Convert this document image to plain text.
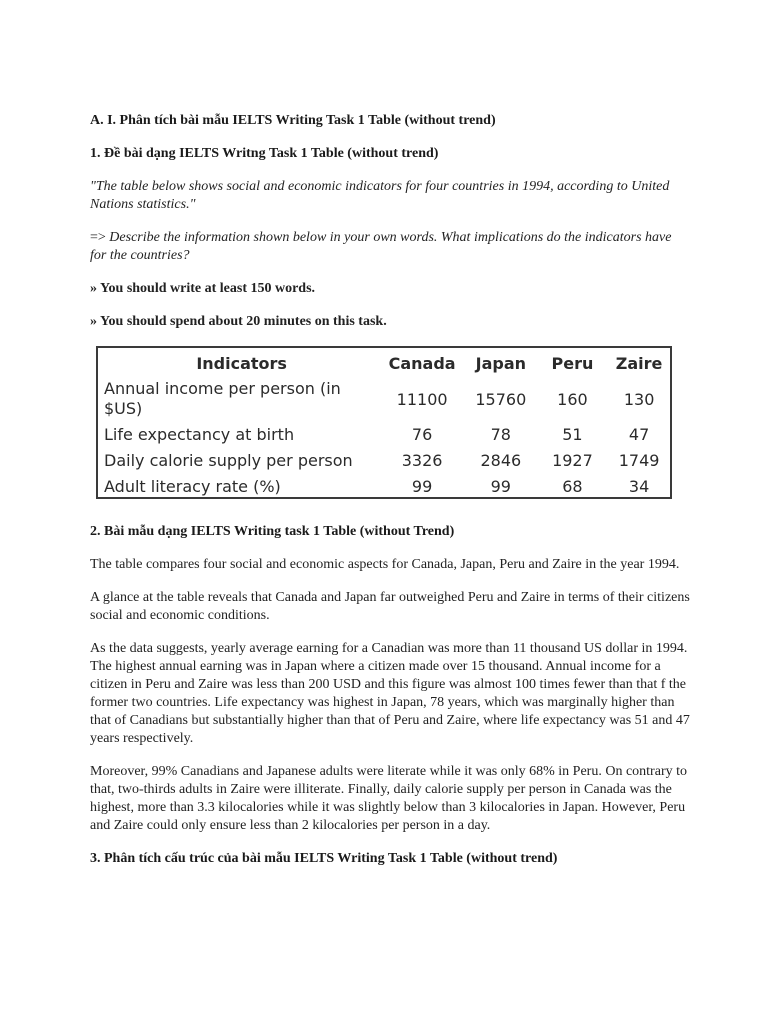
A. I. Phân tích bài mẫu IELTS Writing Task 1 Table (without trend)
1. Đề bài dạng IELTS Writng Task 1 Table (without trend)
"The table below shows social and economic indicators for four countries in 1994, according to United Nations statistics."
=> Describe the information shown below in your own words. What implications do the indicators have for the countries?
» You should write at least 150 words.
» You should spend about 20 minutes on this task.
Indicators	Canada	Japan	Peru	Zaire
Annual income per person (in $US)	11100	15760	160	130
Life expectancy at birth	76	78	51	47
Daily calorie supply per person	3326	2846	1927	1749
Adult literacy rate (%)	99	99	68	34
2. Bài mẫu dạng IELTS Writing task 1 Table (without Trend)
The table compares four social and economic aspects for Canada, Japan, Peru and Zaire in the year 1994.
A glance at the table reveals that Canada and Japan far outweighed Peru and Zaire in terms of their citizens social and economic conditions.
As the data suggests, yearly average earning for a Canadian was more than 11 thousand US dollar in 1994. The highest annual earning was in Japan where a citizen made over 15 thousand. Annual income for a citizen in Peru and Zaire was less than 200 USD and this figure was almost 100 times fewer than that f the former two countries. Life expectancy was highest in Japan, 78 years, which was marginally higher than that of Canadians but substantially higher than that of Peru and Zaire, where life expectancy was 51 and 47 years respectively.
Moreover, 99% Canadians and Japanese adults were literate while it was only 68% in Peru. On contrary to that, two-thirds adults in Zaire were illiterate. Finally, daily calorie supply per person in Canada was the highest, more than 3.3 kilocalories while it was slightly below than 3 kilocalories in Japan. However, Peru and Zaire could only ensure less than 2 kilocalories per person in a day.
3. Phân tích cấu trúc của bài mẫu IELTS Writing Task 1 Table (without trend)
